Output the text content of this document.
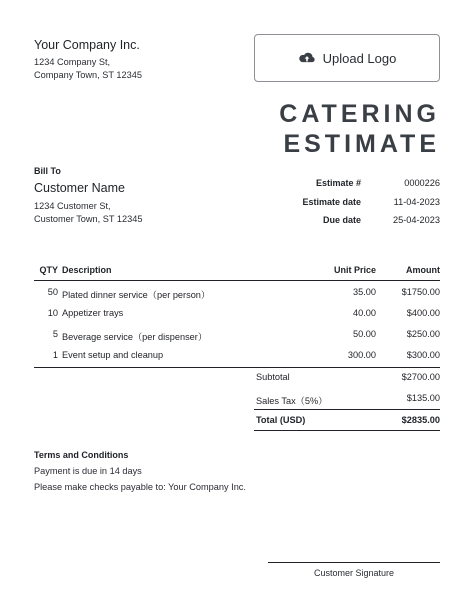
Your Company Inc.
1234 Company St,
Company Town, ST 12345
Upload Logo
CATERING
ESTIMATE
Bill To
Customer Name
1234 Customer St,
Customer Town, ST 12345
Estimate #	0000226
Estimate date	11-04-2023
Due date	25-04-2023
QTY Description	Unit Price	Amount
50 Plated dinner service（per person）	35.00	$1750.00
10 Appetizer trays	40.00	$400.00
5 Beverage service（per dispenser）	50.00	$250.00
1 Event setup and cleanup	300.00	$300.00
Subtotal	$2700.00
Sales Tax（5%）	$135.00
Total (USD)	$2835.00
Terms and Conditions
Payment is due in 14 days
Please make checks payable to: Your Company Inc.
Customer Signature
